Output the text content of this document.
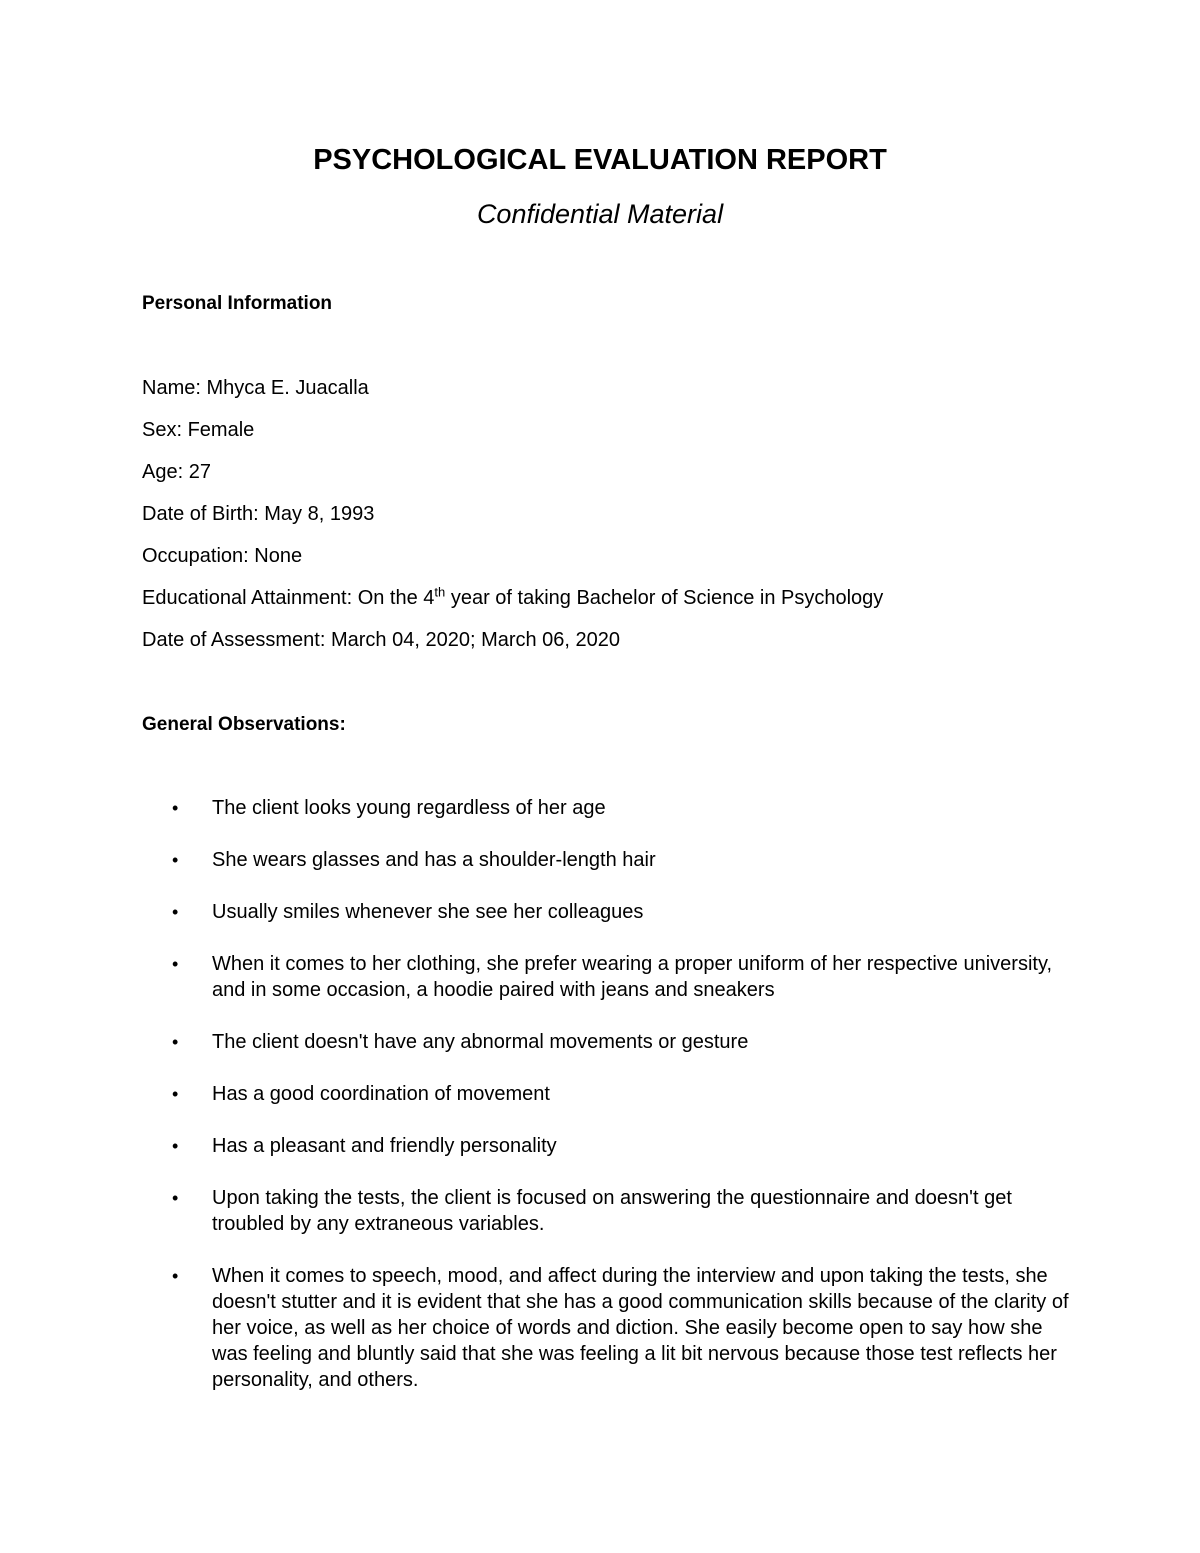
PSYCHOLOGICAL EVALUATION REPORT
Confidential Material
Personal Information
Name: Mhyca E. Juacalla
Sex: Female
Age: 27
Date of Birth: May 8, 1993
Occupation: None
Educational Attainment: On the 4th year of taking Bachelor of Science in Psychology
Date of Assessment: March 04, 2020; March 06, 2020
General Observations:
•	The client looks young regardless of her age
•	She wears glasses and has a shoulder-length hair
•	Usually smiles whenever she see her colleagues
•	When it comes to her clothing, she prefer wearing a proper uniform of her respective university, and in some occasion, a hoodie paired with jeans and sneakers
•	The client doesn't have any abnormal movements or gesture
•	Has a good coordination of movement
•	Has a pleasant and friendly personality
•	Upon taking the tests, the client is focused on answering the questionnaire and doesn't get troubled by any extraneous variables.
•	When it comes to speech, mood, and affect during the interview and upon taking the tests, she doesn't stutter and it is evident that she has a good communication skills because of the clarity of her voice, as well as her choice of words and diction. She easily become open to say how she was feeling and bluntly said that she was feeling a lit bit nervous because those test reflects her personality, and others.
